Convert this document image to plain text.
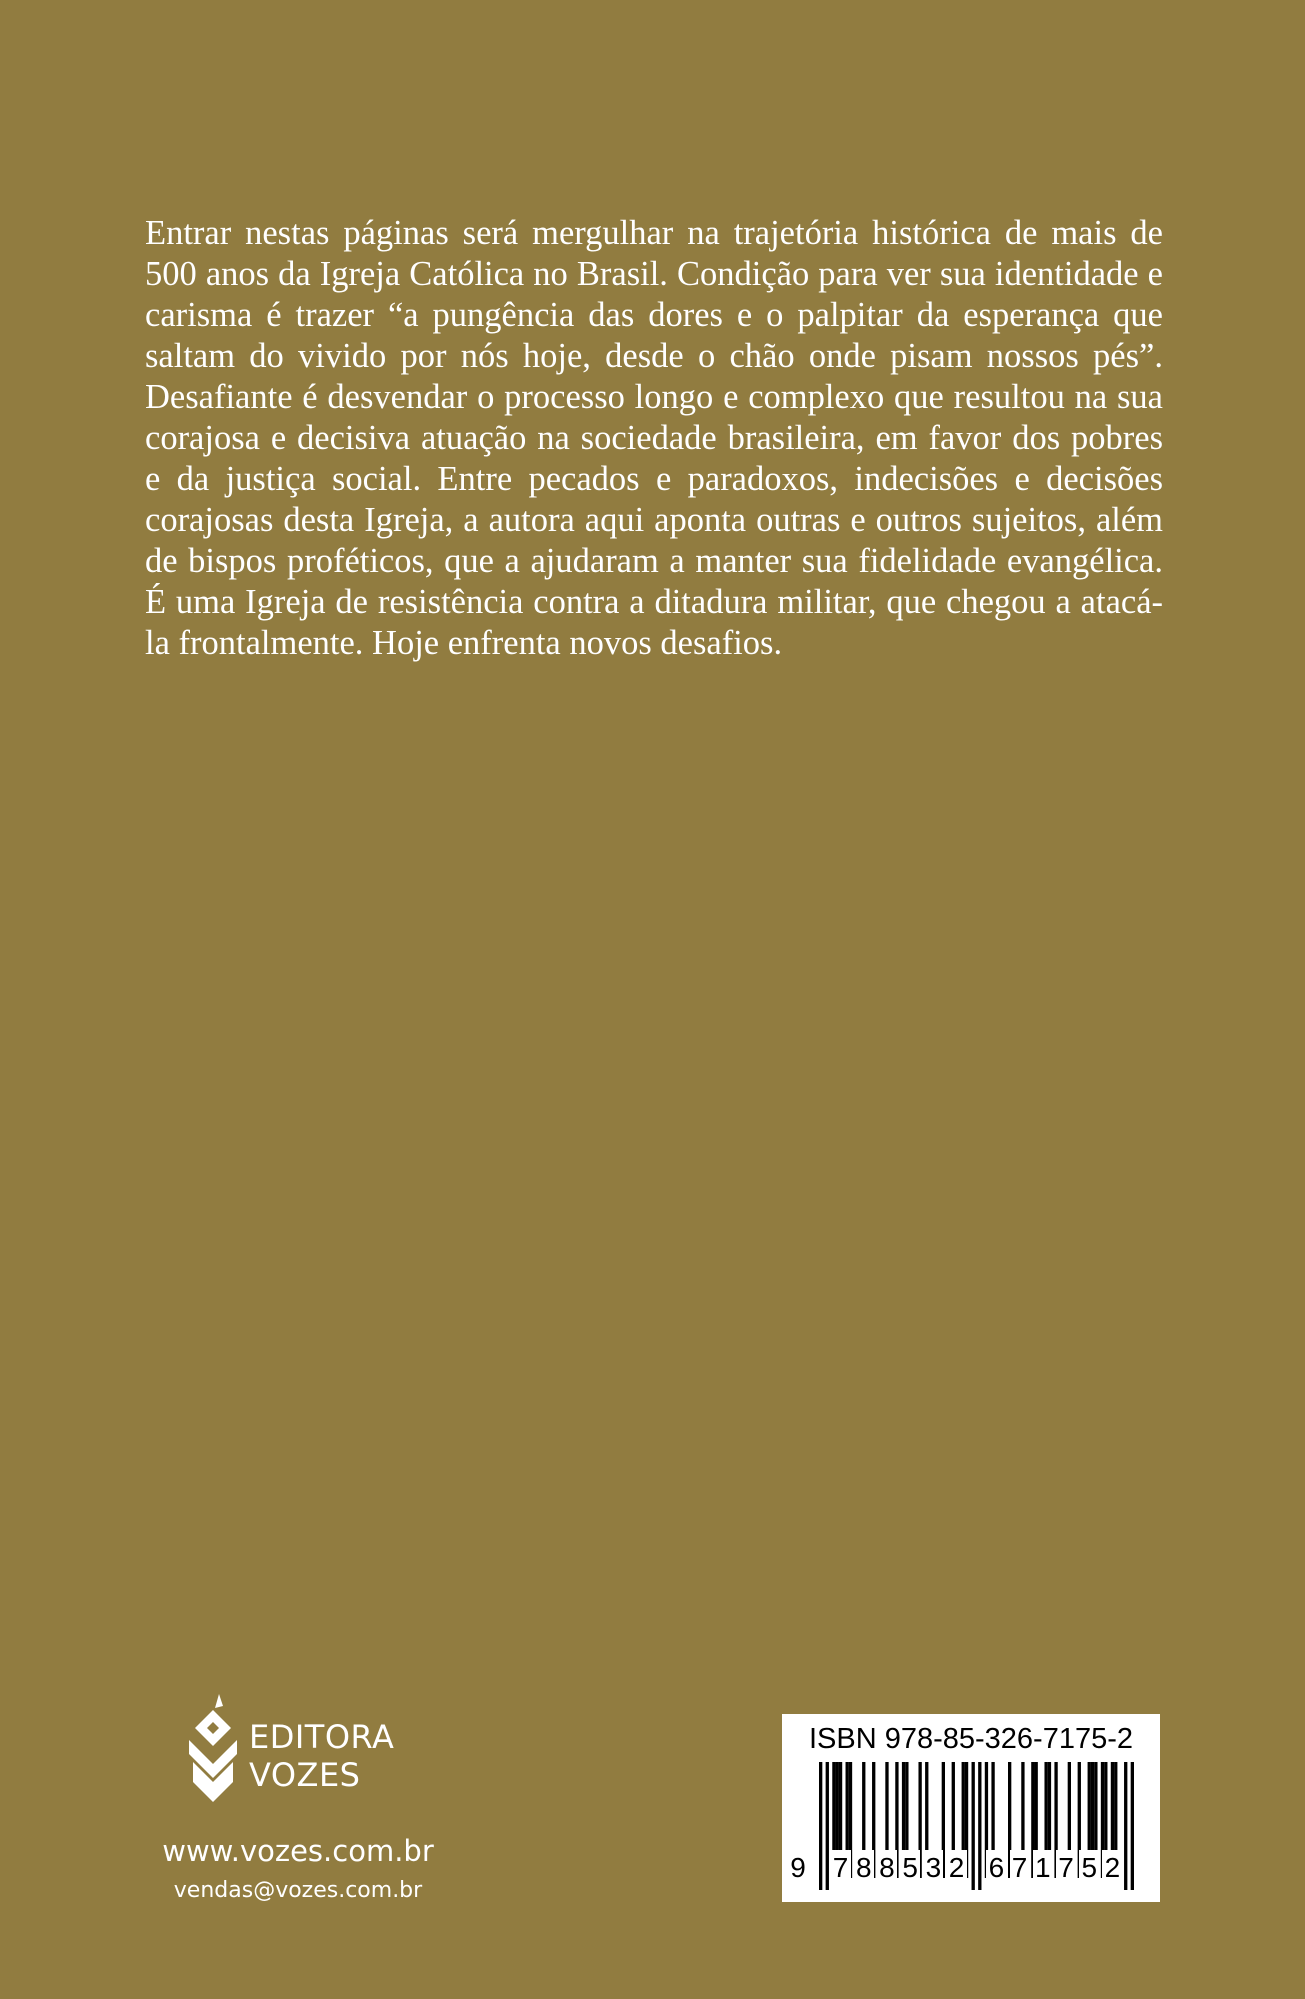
Entrar nestas páginas será mergulhar na trajetória histórica de mais de 500 anos da Igreja Católica no Brasil. Condição para ver sua identidade e carisma é trazer “a pungência das dores e o palpitar da esperança que saltam do vivido por nós hoje, desde o chão onde pisam nossos pés”. Desafiante é desvendar o processo longo e complexo que resultou na sua corajosa e decisiva atuação na sociedade brasileira, em favor dos pobres e da justiça social. Entre pecados e paradoxos, indecisões e decisões corajosas desta Igreja, a autora aqui aponta outras e outros sujeitos, além de bispos proféticos, que a ajudaram a manter sua fidelidade evangélica. É uma Igreja de resistência contra a ditadura militar, que chegou a atacá-la frontalmente. Hoje enfrenta novos desafios.

EDITORA
VOZES
www.vozes.com.br
vendas@vozes.com.br
ISBN 978-85-326-7175-2
9 7 8 8 5 3 2 6 7 1 7 5 2
